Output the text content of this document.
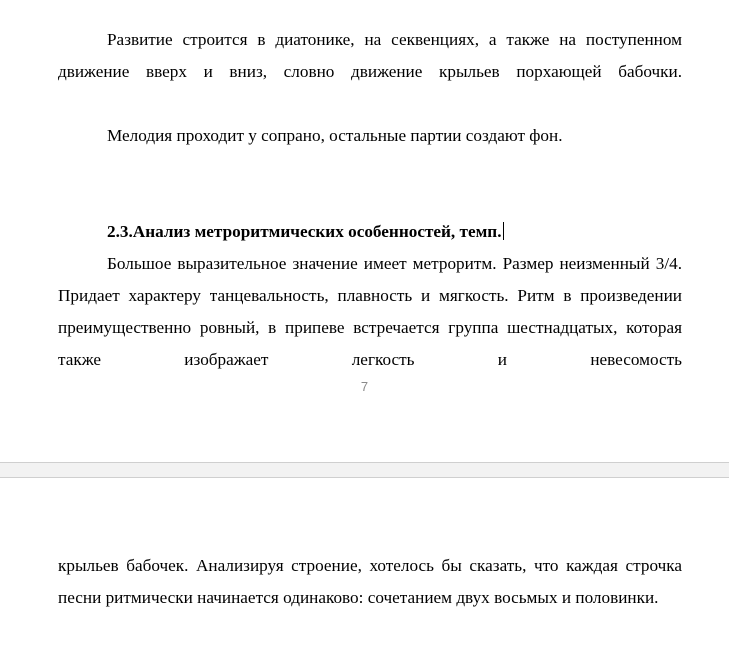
Развитие строится в диатонике, на секвенциях, а также на поступенном движение вверх и вниз, словно движение крыльев порхающей бабочки.

Мелодия проходит у сопрано, остальные партии создают фон.

2.3.Анализ метроритмических особенностей, темп.

Большое выразительное значение имеет метроритм. Размер неизменный 3/4.  Придает характеру танцевальность, плавность и мягкость. Ритм в произведении преимущественно ровный, в припеве встречается группа шестнадцатых, которая также изображает легкость и невесомость

7

крыльев бабочек. Анализируя строение, хотелось бы сказать, что каждая строчка песни ритмически начинается одинаково: сочетанием двух восьмых и половинки.
